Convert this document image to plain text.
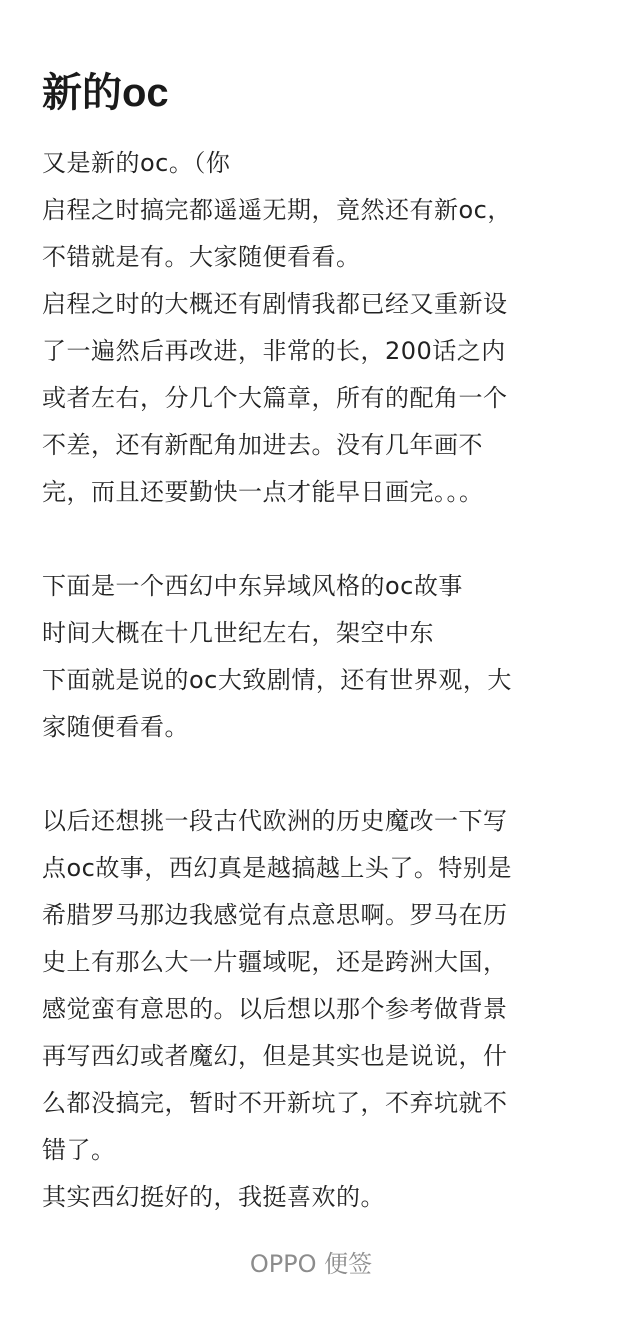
新的oc
又是新的oc。（你
启程之时搞完都遥遥无期，竟然还有新oc，
不错就是有。大家随便看看。
启程之时的大概还有剧情我都已经又重新设
了一遍然后再改进，非常的长，200话之内
或者左右，分几个大篇章，所有的配角一个
不差，还有新配角加进去。没有几年画不
完，而且还要勤快一点才能早日画完。。。
下面是一个西幻中东异域风格的oc故事
时间大概在十几世纪左右，架空中东
下面就是说的oc大致剧情，还有世界观，大
家随便看看。
以后还想挑一段古代欧洲的历史魔改一下写
点oc故事，西幻真是越搞越上头了。特别是
希腊罗马那边我感觉有点意思啊。罗马在历
史上有那么大一片疆域呢，还是跨洲大国，
感觉蛮有意思的。以后想以那个参考做背景
再写西幻或者魔幻，但是其实也是说说，什
么都没搞完，暂时不开新坑了，不弃坑就不
错了。
其实西幻挺好的，我挺喜欢的。
OPPO 便签
